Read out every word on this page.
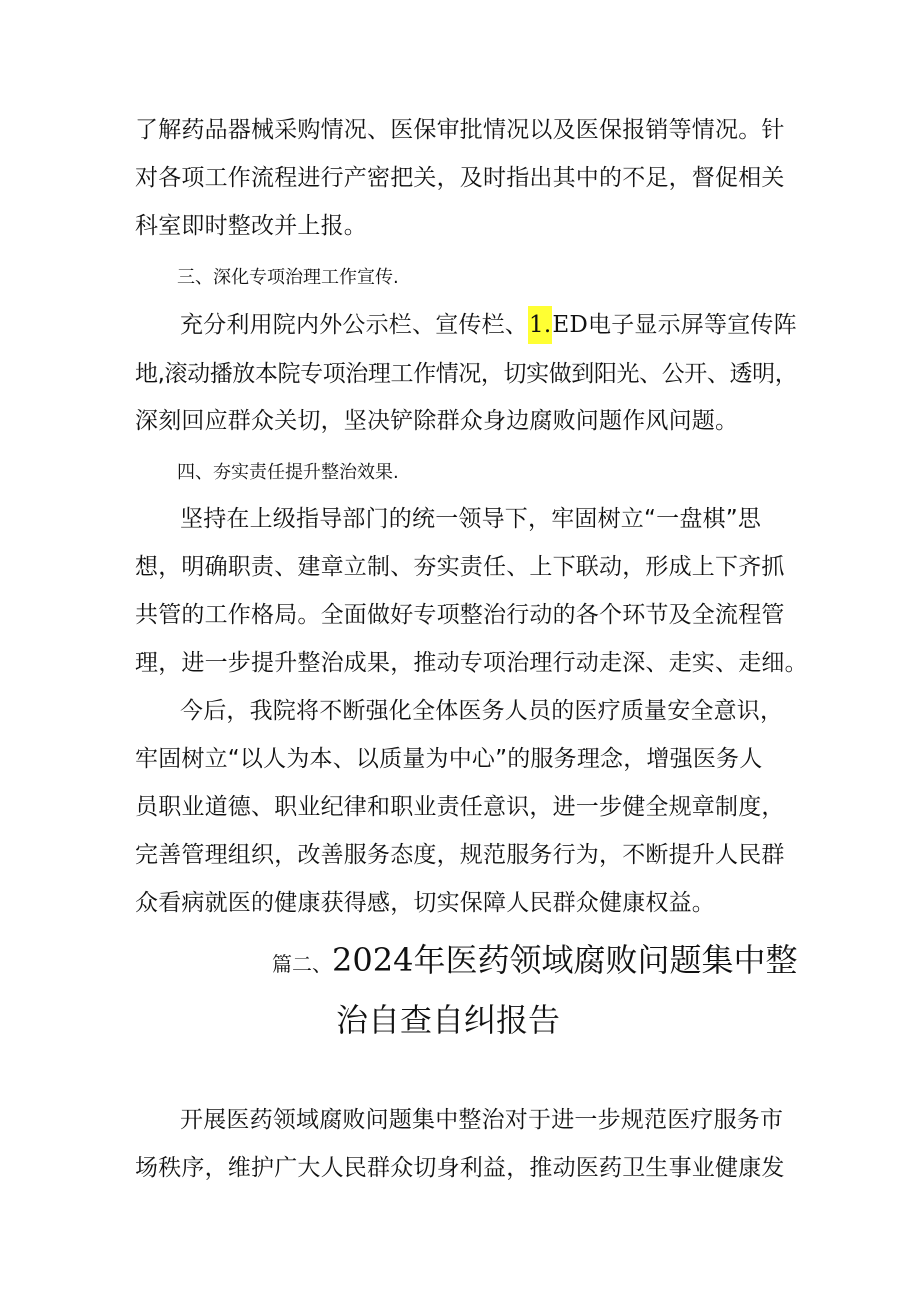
了解药品器械采购情况、医保审批情况以及医保报销等情况。针
对各项工作流程进行产密把关，及时指出其中的不足，督促相关
科室即时整改并上报。
三、深化专项治理工作宣传.
充分利用院内外公示栏、宣传栏、1.ED电子显示屏等宣传阵
地,滚动播放本院专项治理工作情况，切实做到阳光、公开、透明，
深刻回应群众关切，坚决铲除群众身边腐败问题作风问题。
四、夯实责任提升整治效果.
坚持在上级指导部门的统一领导下，牢固树立“一盘棋”思
想，明确职责、建章立制、夯实责任、上下联动，形成上下齐抓
共管的工作格局。全面做好专项整治行动的各个环节及全流程管
理，进一步提升整治成果，推动专项治理行动走深、走实、走细。
今后，我院将不断强化全体医务人员的医疗质量安全意识，
牢固树立“以人为本、以质量为中心”的服务理念，增强医务人
员职业道德、职业纪律和职业责任意识，进一步健全规章制度，
完善管理组织，改善服务态度，规范服务行为，不断提升人民群
众看病就医的健康获得感，切实保障人民群众健康权益。
篇二、2024年医药领域腐败问题集中整
治自查自纠报告
开展医药领域腐败问题集中整治对于进一步规范医疗服务市
场秩序，维护广大人民群众切身利益，推动医药卫生事业健康发
